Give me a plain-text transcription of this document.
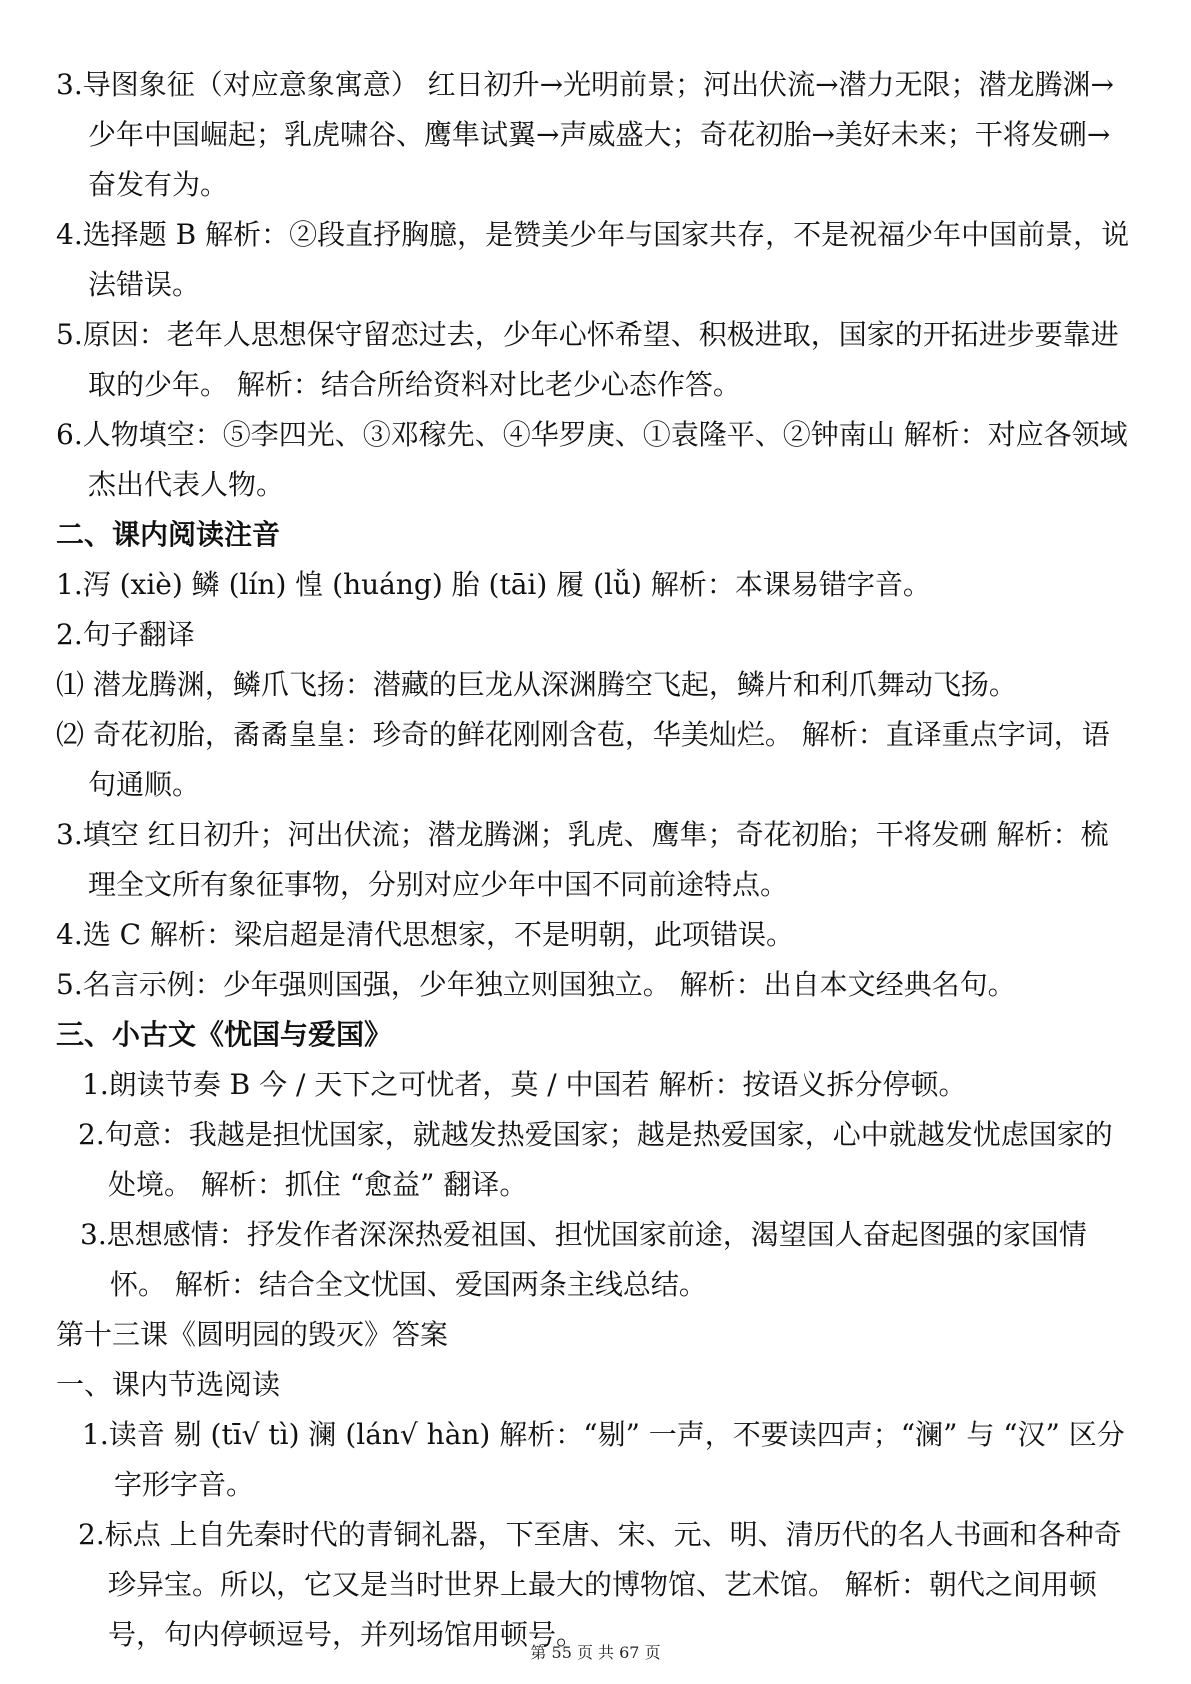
3.导图象征（对应意象寓意） 红日初升→光明前景；河出伏流→潜力无限；潜龙腾渊→少年中国崛起；乳虎啸谷、鹰隼试翼→声威盛大；奇花初胎→美好未来；干将发硎→奋发有为。

4.选择题 B 解析：②段直抒胸臆，是赞美少年与国家共存，不是祝福少年中国前景，说法错误。

5.原因：老年人思想保守留恋过去，少年心怀希望、积极进取，国家的开拓进步要靠进取的少年。 解析：结合所给资料对比老少心态作答。

6.人物填空：⑤李四光、③邓稼先、④华罗庚、①袁隆平、②钟南山 解析：对应各领域杰出代表人物。

二、课内阅读注音

1.泻 (xiè) 鳞 (lín) 惶 (huáng) 胎 (tāi) 履 (lǚ) 解析：本课易错字音。

2.句子翻译

⑴ 潜龙腾渊，鳞爪飞扬：潜藏的巨龙从深渊腾空飞起，鳞片和利爪舞动飞扬。

⑵ 奇花初胎，矞矞皇皇：珍奇的鲜花刚刚含苞，华美灿烂。 解析：直译重点字词，语句通顺。

3.填空 红日初升；河出伏流；潜龙腾渊；乳虎、鹰隼；奇花初胎；干将发硎 解析：梳理全文所有象征事物，分别对应少年中国不同前途特点。

4.选 C 解析：梁启超是清代思想家，不是明朝，此项错误。

5.名言示例：少年强则国强，少年独立则国独立。 解析：出自本文经典名句。

三、小古文《忧国与爱国》

1.朗读节奏 B 今 / 天下之可忧者，莫 / 中国若 解析：按语义拆分停顿。

2.句意：我越是担忧国家，就越发热爱国家；越是热爱国家，心中就越发忧虑国家的处境。 解析：抓住 “愈益” 翻译。

3.思想感情：抒发作者深深热爱祖国、担忧国家前途，渴望国人奋起图强的家国情怀。 解析：结合全文忧国、爱国两条主线总结。

第十三课《圆明园的毁灭》答案

一、课内节选阅读

1.读音 剔 (tī√ tì) 澜 (lán√ hàn) 解析：“剔” 一声，不要读四声；“澜” 与 “汉” 区分字形字音。

2.标点 上自先秦时代的青铜礼器，下至唐、宋、元、明、清历代的名人书画和各种奇珍异宝。所以，它又是当时世界上最大的博物馆、艺术馆。 解析：朝代之间用顿号，句内停顿逗号，并列场馆用顿号。

第 55 页 共 67 页
